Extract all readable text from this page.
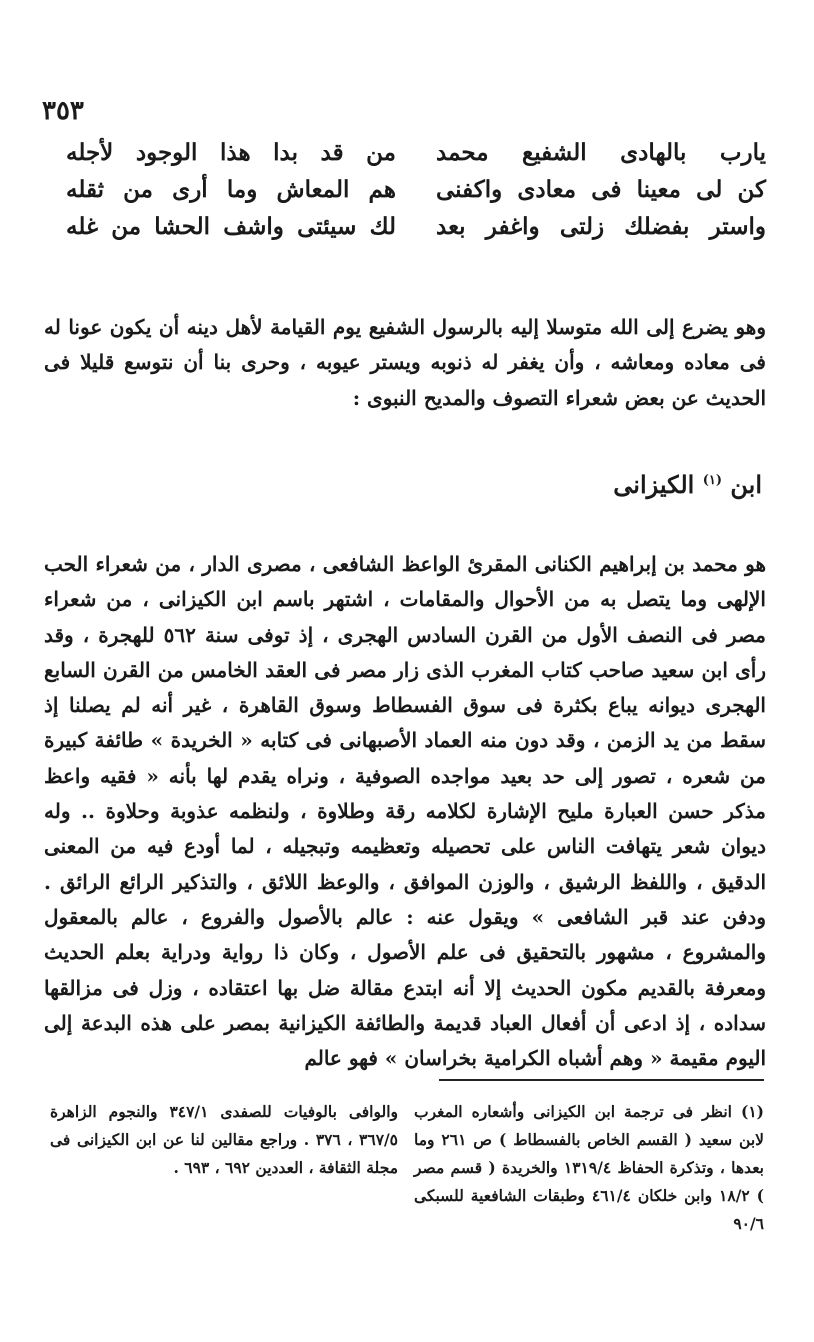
٣٥٣
يارب بالهادى الشفيع محمد
من قد بدا هذا الوجود لأجله
كن لى معينا فى معادى واكفنى
هم المعاش وما أرى من ثقله
واستر بفضلك زلتى واغفر بعد
لك سيئتى واشف الحشا من غله

وهو يضرع إلى الله متوسلا إليه بالرسول الشفيع يوم القيامة لأهل دينه أن يكون عونا له فى معاده ومعاشه ، وأن يغفر له ذنوبه ويستر عيوبه ، وحرى بنا أن نتوسع قليلا فى الحديث عن بعض شعراء التصوف والمديح النبوى :

ابن $^{(١)}$ الكيزانى

هو محمد بن إبراهيم الكنانى المقرئ الواعظ الشافعى ، مصرى الدار ، من شعراء الحب الإلهى وما يتصل به من الأحوال والمقامات ، اشتهر باسم ابن الكيزانى ، من شعراء مصر فى النصف الأول من القرن السادس الهجرى ، إذ توفى سنة ٥٦٢ للهجرة ، وقد رأى ابن سعيد صاحب كتاب المغرب الذى زار مصر فى العقد الخامس من القرن السابع الهجرى ديوانه يباع بكثرة فى سوق الفسطاط وسوق القاهرة ، غير أنه لم يصلنا إذ سقط من يد الزمن ، وقد دون منه العماد الأصبهانى فى كتابه « الخريدة » طائفة كبيرة من شعره ، تصور إلى حد بعيد مواجده الصوفية ، ونراه يقدم لها بأنه « فقيه واعظ مذكر حسن العبارة مليح الإشارة لكلامه رقة وطلاوة ، ولنظمه عذوبة وحلاوة .. وله ديوان شعر يتهافت الناس على تحصيله وتعظيمه وتبجيله ، لما أودع فيه من المعنى الدقيق ، واللفظ الرشيق ، والوزن الموافق ، والوعظ اللائق ، والتذكير الرائع الرائق . ودفن عند قبر الشافعى » ويقول عنه : عالم بالأصول والفروع ، عالم بالمعقول والمشروع ، مشهور بالتحقيق فى علم الأصول ، وكان ذا رواية ودراية بعلم الحديث ومعرفة بالقديم مكون الحديث إلا أنه ابتدع مقالة ضل بها اعتقاده ، وزل فى مزالقها سداده ، إذ ادعى أن أفعال العباد قديمة والطائفة الكيزانية بمصر على هذه البدعة إلى اليوم مقيمة « وهم أشباه الكرامية بخراسان » فهو عالم

(١) انظر فى ترجمة ابن الكيزانى وأشعاره المغرب لابن سعيد ( القسم الخاص بالفسطاط ) ص ٢٦١ وما بعدها ، وتذكرة الحفاظ ١٣١٩/٤ والخريدة ( قسم مصر ) ١٨/٢ وابن خلكان ٤٦١/٤ وطبقات الشافعية للسبكى ٩٠/٦
والوافى بالوفيات للصفدى ٣٤٧/١ والنجوم الزاهرة ٣٦٧/٥ ، ٣٧٦ . وراجع مقالين لنا عن ابن الكيزانى فى مجلة الثقافة ، العددين ٦٩٢ ، ٦٩٣ .
